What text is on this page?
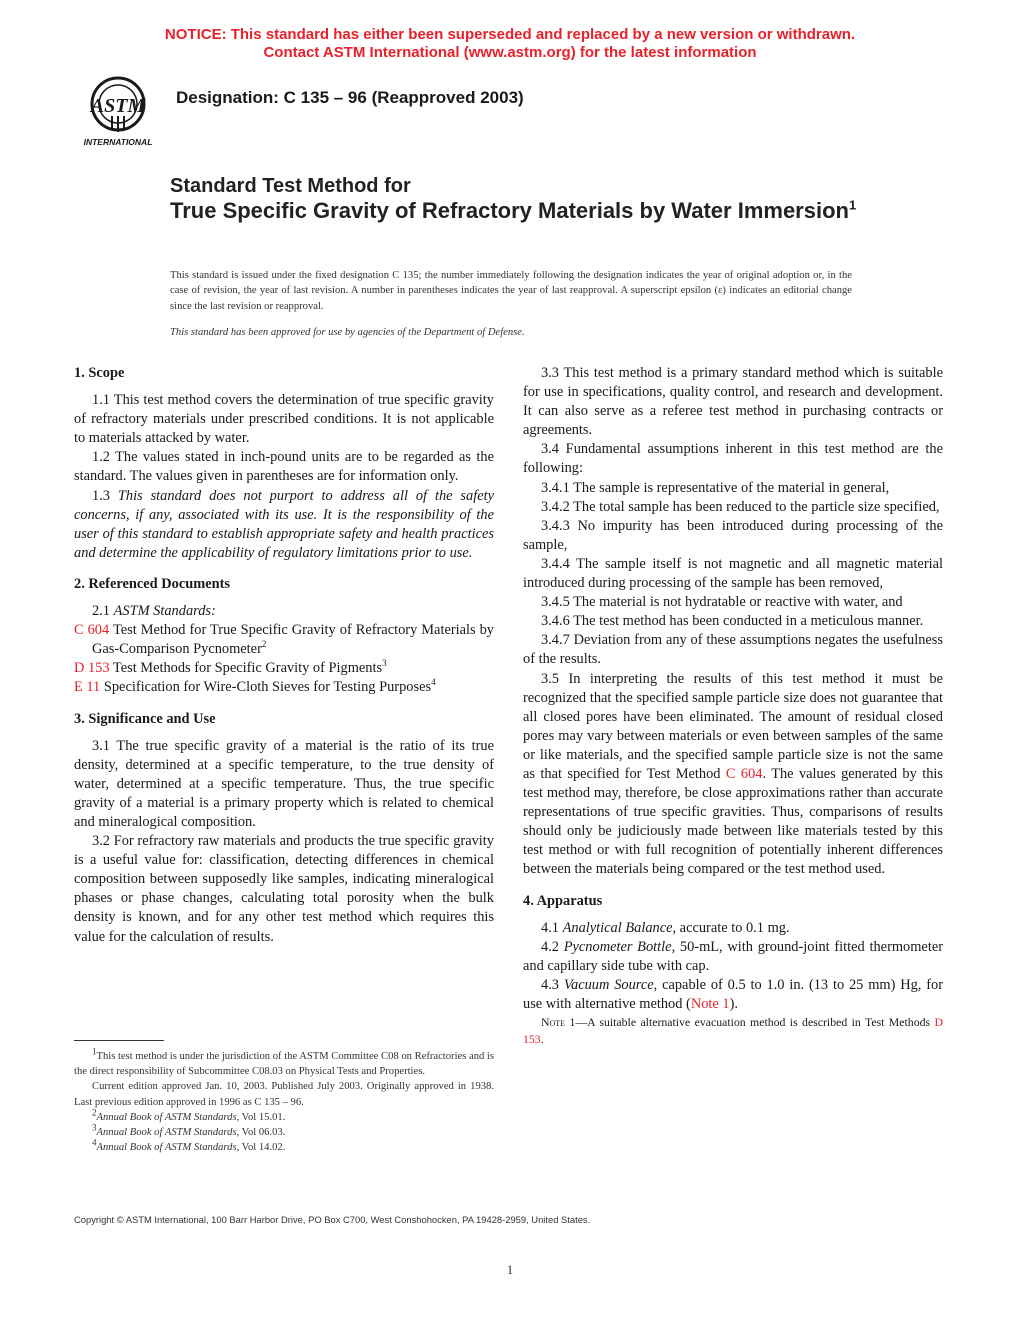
NOTICE: This standard has either been superseded and replaced by a new version or withdrawn.
Contact ASTM International (www.astm.org) for the latest information
ASTM
INTERNATIONAL
Designation: C 135 – 96 (Reapproved 2003)
Standard Test Method for
True Specific Gravity of Refractory Materials by Water Immersion$^1$
This standard is issued under the fixed designation C 135; the number immediately following the designation indicates the year of original adoption or, in the case of revision, the year of last revision. A number in parentheses indicates the year of last reapproval. A superscript epsilon (ε) indicates an editorial change since the last revision or reapproval.
This standard has been approved for use by agencies of the Department of Defense.
1. Scope

1.1 This test method covers the determination of true specific gravity of refractory materials under prescribed conditions. It is not applicable to materials attacked by water.

1.2 The values stated in inch-pound units are to be regarded as the standard. The values given in parentheses are for information only.

1.3 This standard does not purport to address all of the safety concerns, if any, associated with its use. It is the responsibility of the user of this standard to establish appropriate safety and health practices and determine the applicability of regulatory limitations prior to use.

2. Referenced Documents

2.1 ASTM Standards:

C 604 Test Method for True Specific Gravity of Refractory Materials by Gas-Comparison Pycnometer$^2$
D 153 Test Methods for Specific Gravity of Pigments$^3$
E 11 Specification for Wire-Cloth Sieves for Testing Purposes$^4$
3. Significance and Use

3.1 The true specific gravity of a material is the ratio of its true density, determined at a specific temperature, to the true density of water, determined at a specific temperature. Thus, the true specific gravity of a material is a primary property which is related to chemical and mineralogical composition.

3.2 For refractory raw materials and products the true specific gravity is a useful value for: classification, detecting differences in chemical composition between supposedly like samples, indicating mineralogical phases or phase changes, calculating total porosity when the bulk density is known, and for any other test method which requires this value for the calculation of results.

3.3 This test method is a primary standard method which is suitable for use in specifications, quality control, and research and development. It can also serve as a referee test method in purchasing contracts or agreements.

3.4 Fundamental assumptions inherent in this test method are the following:

3.4.1 The sample is representative of the material in general,

3.4.2 The total sample has been reduced to the particle size specified,

3.4.3 No impurity has been introduced during processing of the sample,

3.4.4 The sample itself is not magnetic and all magnetic material introduced during processing of the sample has been removed,

3.4.5 The material is not hydratable or reactive with water, and

3.4.6 The test method has been conducted in a meticulous manner.

3.4.7 Deviation from any of these assumptions negates the usefulness of the results.

3.5 In interpreting the results of this test method it must be recognized that the specified sample particle size does not guarantee that all closed pores have been eliminated. The amount of residual closed pores may vary between materials or even between samples of the same or like materials, and the specified sample particle size is not the same as that specified for Test Method C 604. The values generated by this test method may, therefore, be close approximations rather than accurate representations of true specific gravities. Thus, comparisons of results should only be judiciously made between like materials tested by this test method or with full recognition of potentially inherent differences between the materials being compared or the test method used.

4. Apparatus

4.1 Analytical Balance, accurate to 0.1 mg.

4.2 Pycnometer Bottle, 50-mL, with ground-joint fitted thermometer and capillary side tube with cap.

4.3 Vacuum Source, capable of 0.5 to 1.0 in. (13 to 25 mm) Hg, for use with alternative method (Note 1).

Note 1—A suitable alternative evacuation method is described in Test Methods D 153.

$^1$This test method is under the jurisdiction of the ASTM Committee C08 on Refractories and is the direct responsibility of Subcommittee C08.03 on Physical Tests and Properties.

Current edition approved Jan. 10, 2003. Published July 2003. Originally approved in 1938. Last previous edition approved in 1996 as C 135 – 96.

$^2$Annual Book of ASTM Standards, Vol 15.01.

$^3$Annual Book of ASTM Standards, Vol 06.03.

$^4$Annual Book of ASTM Standards, Vol 14.02.

Copyright © ASTM International, 100 Barr Harbor Drive, PO Box C700, West Conshohocken, PA 19428-2959, United States.
1
